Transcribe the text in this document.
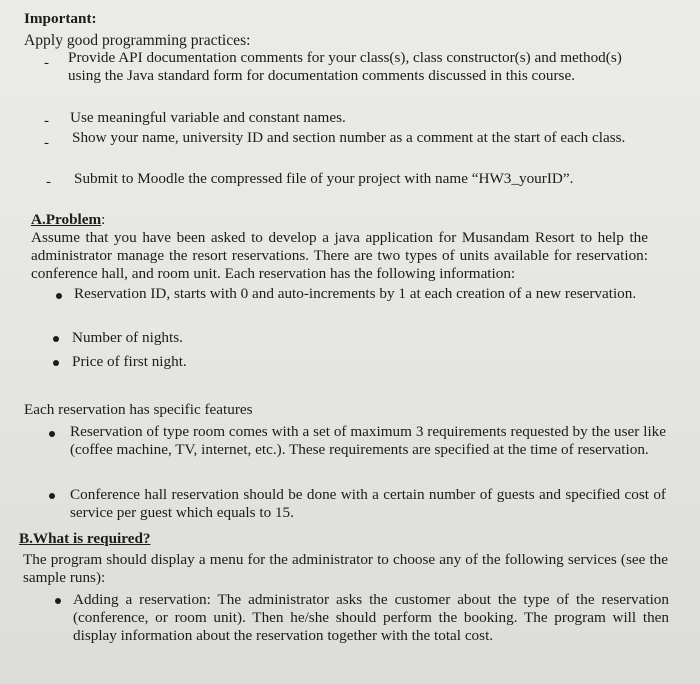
Important:
Apply good programming practices:
- Provide API documentation comments for your class(s), class constructor(s) and method(s) using the Java standard form for documentation comments discussed in this course.
- Use meaningful variable and constant names.
- Show your name, university ID and section number as a comment at the start of each class.
- Submit to Moodle the compressed file of your project with name “HW3_yourID”.
A.Problem:
Assume that you have been asked to develop a java application for Musandam Resort to help the administrator manage the resort reservations. There are two types of units available for reservation: conference hall, and room unit. Each reservation has the following information:
Reservation ID, starts with 0 and auto-increments by 1 at each creation of a new reservation.
Number of nights.
Price of first night.
Each reservation has specific features
Reservation of type room comes with a set of maximum 3 requirements requested by the user like (coffee machine, TV, internet, etc.). These requirements are specified at the time of reservation.
Conference hall reservation should be done with a certain number of guests and specified cost of service per guest which equals to 15.
B.What is required?
The program should display a menu for the administrator to choose any of the following services (see the sample runs):
Adding a reservation: The administrator asks the customer about the type of the reservation (conference, or room unit). Then he/she should perform the booking. The program will then display information about the reservation together with the total cost.
